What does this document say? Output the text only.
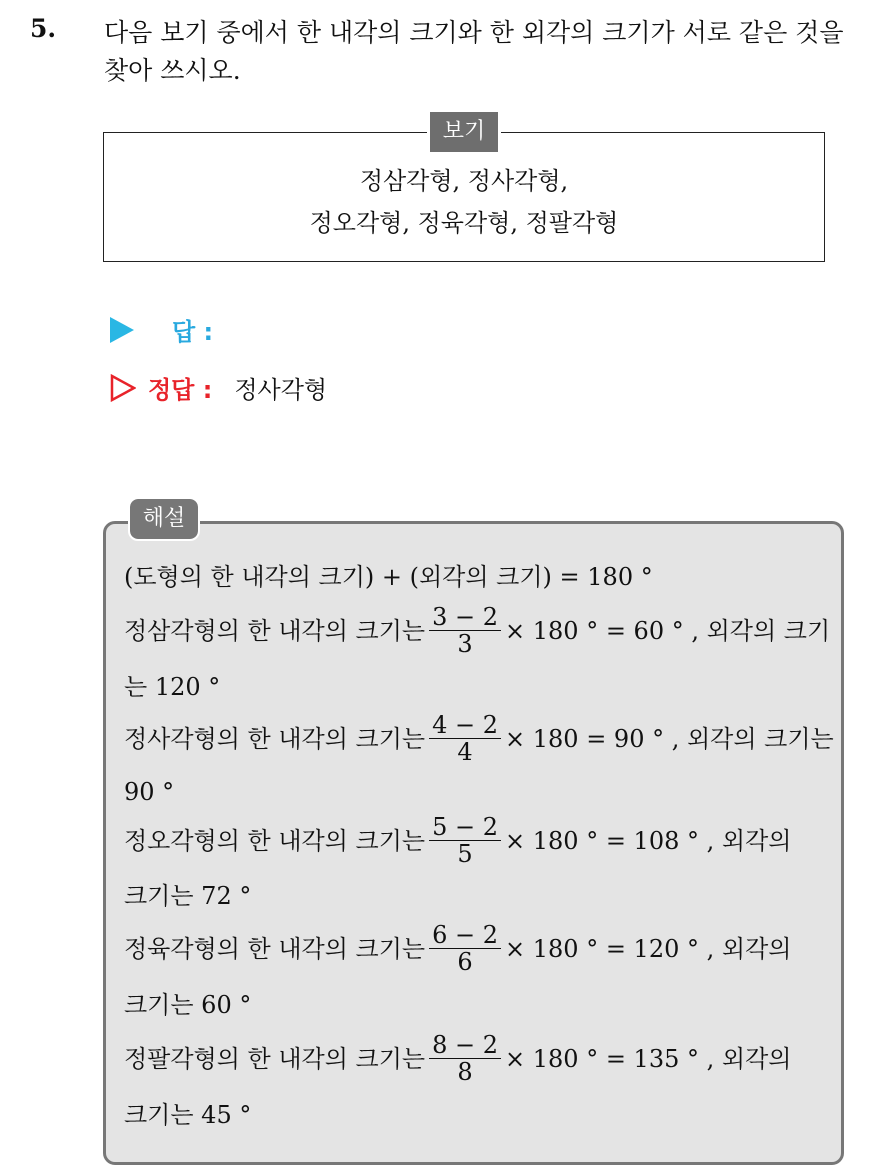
5. 다음 보기 중에서 한 내각의 크기와 한 외각의 크기가 서로 같은 것을
찾아 쓰시오.
정삼각형, 정사각형,
정오각형, 정육각형, 정팔각형
보기
답 :
정답 : 정사각형
해설
(도형의 한 내각의 크기) + (외각의 크기) = 180 °
정삼각형의 한 내각의 크기는 $\frac{3 - 2}{3} \times 180$ ° = 60 ° , 외각의 크기
는 120 °
정사각형의 한 내각의 크기는 $\frac{4 - 2}{4} \times 180 = 90$ ° , 외각의 크기는
90 °
정오각형의 한 내각의 크기는 $\frac{5 - 2}{5} \times 180$ ° = 108 ° , 외각의
크기는 72 °
정육각형의 한 내각의 크기는 $\frac{6 - 2}{6} \times 180$ ° = 120 ° , 외각의
크기는 60 °
정팔각형의 한 내각의 크기는 $\frac{8 - 2}{8} \times 180$ ° = 135 ° , 외각의
크기는 45 °
